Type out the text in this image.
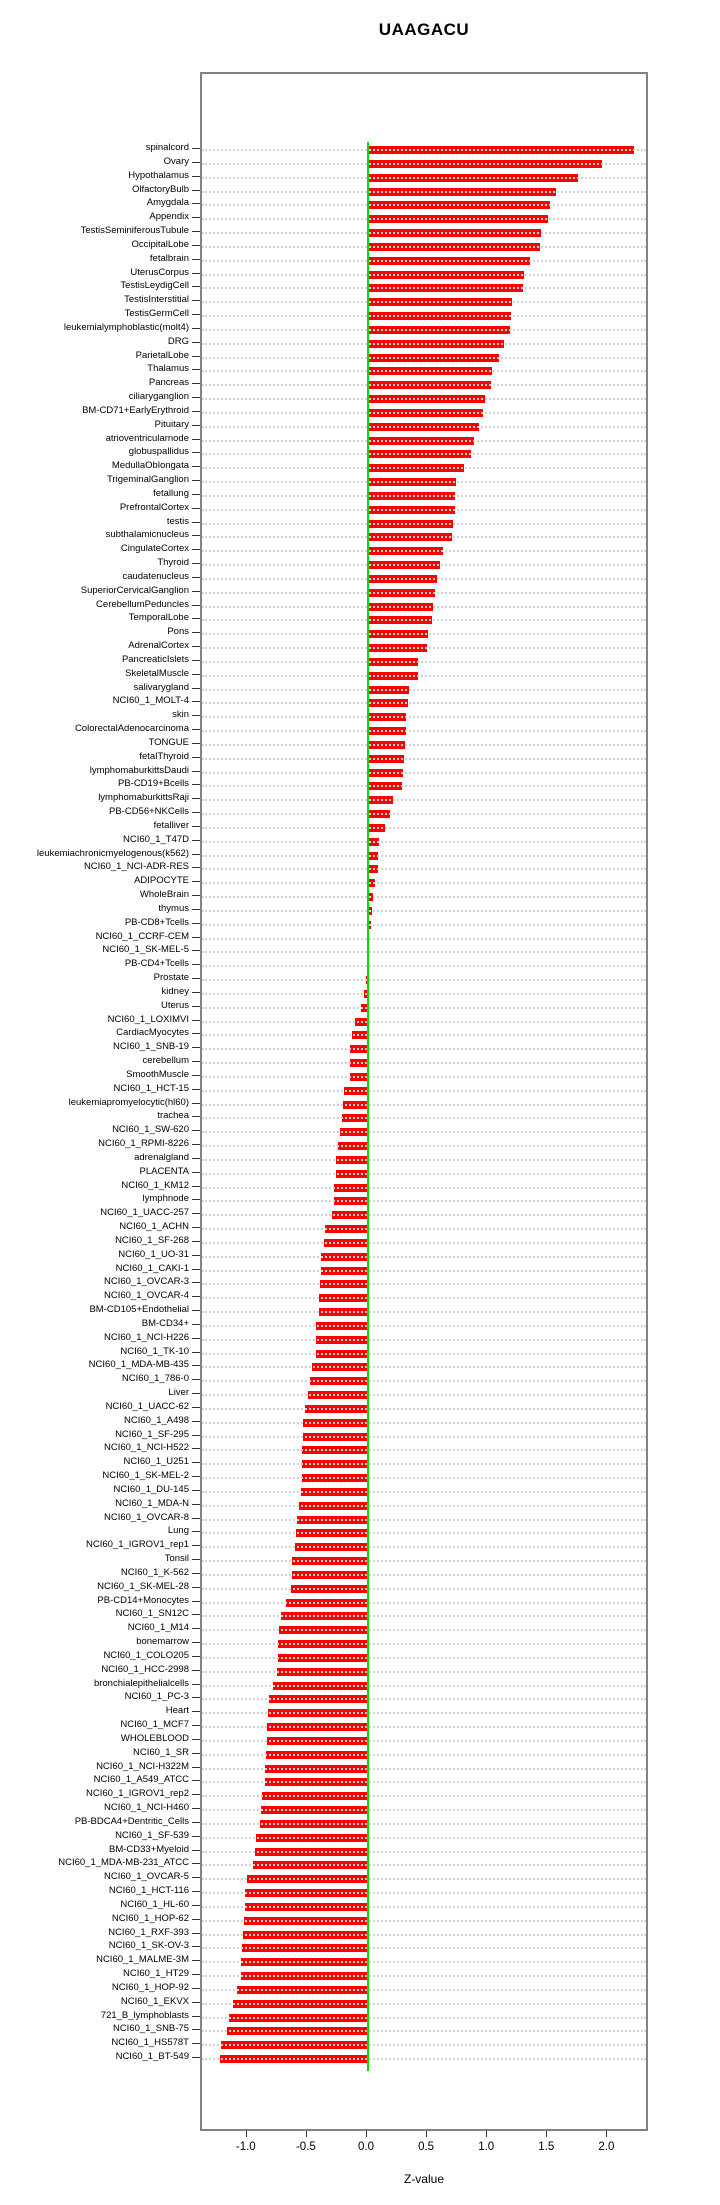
UAAGACU
spinalcord
Ovary
Hypothalamus
OlfactoryBulb
Amygdala
Appendix
TestisSeminiferousTubule
OccipitalLobe
fetalbrain
UterusCorpus
TestisLeydigCell
TestisInterstitial
TestisGermCell
leukemialymphoblastic(molt4)
DRG
ParietalLobe
Thalamus
Pancreas
ciliaryganglion
BM-CD71+EarlyErythroid
Pituitary
atrioventricularnode
globuspallidus
MedullaOblongata
TrigeminalGanglion
fetallung
PrefrontalCortex
testis
subthalamicnucleus
CingulateCortex
Thyroid
caudatenucleus
SuperiorCervicalGanglion
CerebellumPeduncles
TemporalLobe
Pons
AdrenalCortex
PancreaticIslets
SkeletalMuscle
salivarygland
NCI60_1_MOLT-4
skin
ColorectalAdenocarcinoma
TONGUE
fetalThyroid
lymphomaburkittsDaudi
PB-CD19+Bcells
lymphomaburkittsRaji
PB-CD56+NKCells
fetalliver
NCI60_1_T47D
leukemiachronicmyelogenous(k562)
NCI60_1_NCI-ADR-RES
ADIPOCYTE
WholeBrain
thymus
PB-CD8+Tcells
NCI60_1_CCRF-CEM
NCI60_1_SK-MEL-5
PB-CD4+Tcells
Prostate
kidney
Uterus
NCI60_1_LOXIMVI
CardiacMyocytes
NCI60_1_SNB-19
cerebellum
SmoothMuscle
NCI60_1_HCT-15
leukemiapromyelocytic(hl60)
trachea
NCI60_1_SW-620
NCI60_1_RPMI-8226
adrenalgland
PLACENTA
NCI60_1_KM12
lymphnode
NCI60_1_UACC-257
NCI60_1_ACHN
NCI60_1_SF-268
NCI60_1_UO-31
NCI60_1_CAKI-1
NCI60_1_OVCAR-3
NCI60_1_OVCAR-4
BM-CD105+Endothelial
BM-CD34+
NCI60_1_NCI-H226
NCI60_1_TK-10
NCI60_1_MDA-MB-435
NCI60_1_786-0
Liver
NCI60_1_UACC-62
NCI60_1_A498
NCI60_1_SF-295
NCI60_1_NCI-H522
NCI60_1_U251
NCI60_1_SK-MEL-2
NCI60_1_DU-145
NCI60_1_MDA-N
NCI60_1_OVCAR-8
Lung
NCI60_1_IGROV1_rep1
Tonsil
NCI60_1_K-562
NCI60_1_SK-MEL-28
PB-CD14+Monocytes
NCI60_1_SN12C
NCI60_1_M14
bonemarrow
NCI60_1_COLO205
NCI60_1_HCC-2998
bronchialepithelialcells
NCI60_1_PC-3
Heart
NCI60_1_MCF7
WHOLEBLOOD
NCI60_1_SR
NCI60_1_NCI-H322M
NCI60_1_A549_ATCC
NCI60_1_IGROV1_rep2
NCI60_1_NCI-H460
PB-BDCA4+Dentritic_Cells
NCI60_1_SF-539
BM-CD33+Myeloid
NCI60_1_MDA-MB-231_ATCC
NCI60_1_OVCAR-5
NCI60_1_HCT-116
NCI60_1_HL-60
NCI60_1_HOP-62
NCI60_1_RXF-393
NCI60_1_SK-OV-3
NCI60_1_MALME-3M
NCI60_1_HT29
NCI60_1_HOP-92
NCI60_1_EKVX
721_B_lymphoblasts
NCI60_1_SNB-75
NCI60_1_HS578T
NCI60_1_BT-549
-1.0	-0.5	0.0	0.5	1.0	1.5	2.0
Z-value
